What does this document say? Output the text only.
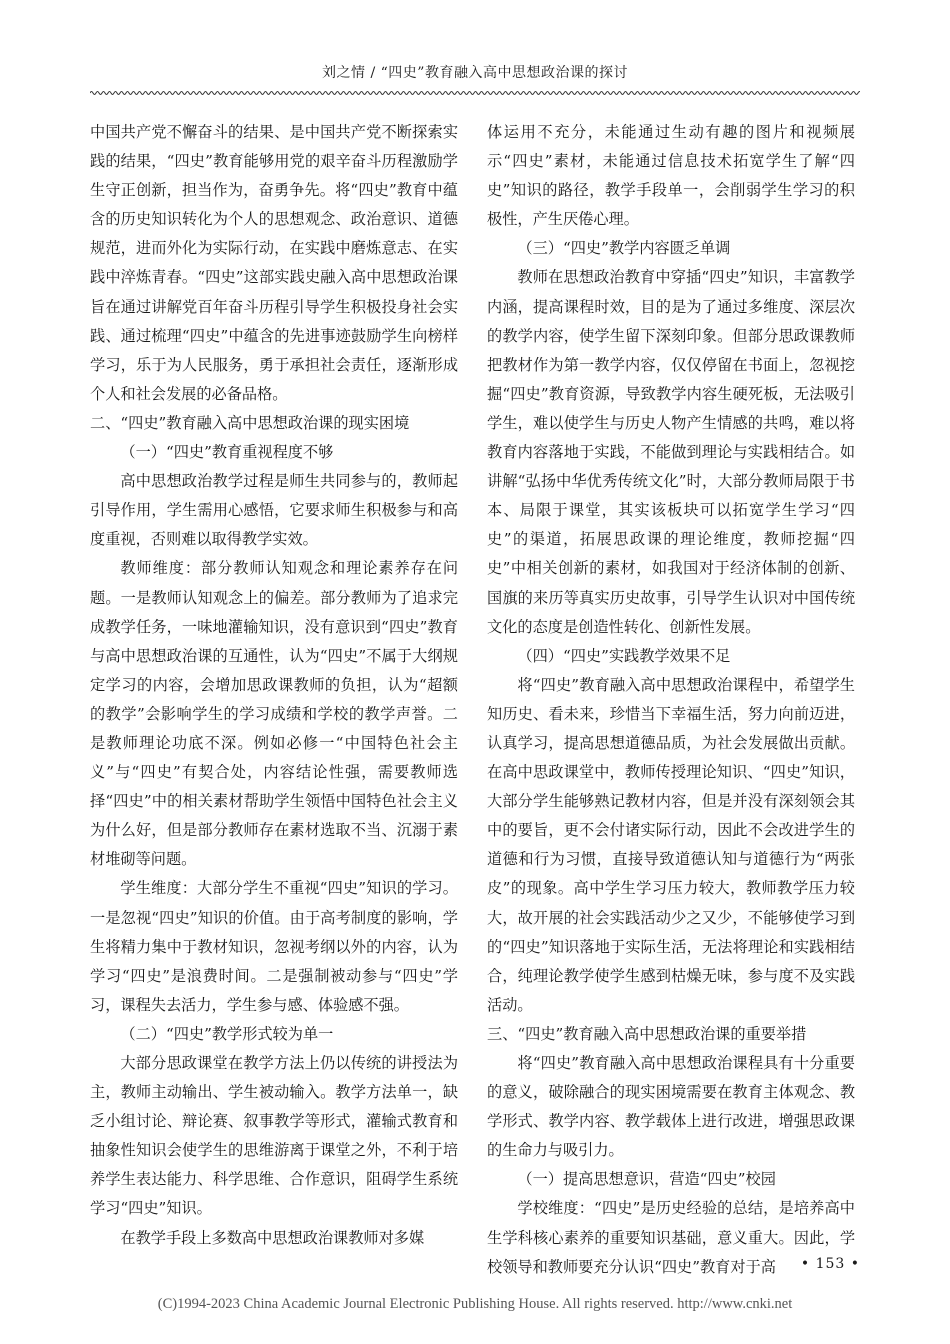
刘之情 / “四史”教育融入高中思想政治课的探讨

中国共产党不懈奋斗的结果、是中国共产党不断探索实践的结果，“四史”教育能够用党的艰辛奋斗历程激励学生守正创新，担当作为，奋勇争先。将“四史”教育中蕴含的历史知识转化为个人的思想观念、政治意识、道德规范，进而外化为实际行动，在实践中磨炼意志、在实践中淬炼青春。“四史”这部实践史融入高中思想政治课旨在通过讲解党百年奋斗历程引导学生积极投身社会实践、通过梳理“四史”中蕴含的先进事迹鼓励学生向榜样学习，乐于为人民服务，勇于承担社会责任，逐渐形成个人和社会发展的必备品格。

二、“四史”教育融入高中思想政治课的现实困境

（一）“四史”教育重视程度不够

高中思想政治教学过程是师生共同参与的，教师起引导作用，学生需用心感悟，它要求师生积极参与和高度重视，否则难以取得教学实效。

教师维度：部分教师认知观念和理论素养存在问题。一是教师认知观念上的偏差。部分教师为了追求完成教学任务，一味地灌输知识，没有意识到“四史”教育与高中思想政治课的互通性，认为“四史”不属于大纲规定学习的内容，会增加思政课教师的负担，认为“超额的教学”会影响学生的学习成绩和学校的教学声誉。二是教师理论功底不深。例如必修一“中国特色社会主义”与“四史”有契合处，内容结论性强，需要教师选择“四史”中的相关素材帮助学生领悟中国特色社会主义为什么好，但是部分教师存在素材选取不当、沉溺于素材堆砌等问题。

学生维度：大部分学生不重视“四史”知识的学习。一是忽视“四史”知识的价值。由于高考制度的影响，学生将精力集中于教材知识，忽视考纲以外的内容，认为学习“四史”是浪费时间。二是强制被动参与“四史”学习，课程失去活力，学生参与感、体验感不强。

（二）“四史”教学形式较为单一

大部分思政课堂在教学方法上仍以传统的讲授法为主，教师主动输出、学生被动输入。教学方法单一，缺乏小组讨论、辩论赛、叙事教学等形式，灌输式教育和抽象性知识会使学生的思维游离于课堂之外，不利于培养学生表达能力、科学思维、合作意识，阻碍学生系统学习“四史”知识。

在教学手段上多数高中思想政治课教师对多媒

体运用不充分，未能通过生动有趣的图片和视频展示“四史”素材，未能通过信息技术拓宽学生了解“四史”知识的路径，教学手段单一，会削弱学生学习的积极性，产生厌倦心理。

（三）“四史”教学内容匮乏单调

教师在思想政治教育中穿插“四史”知识，丰富教学内涵，提高课程时效，目的是为了通过多维度、深层次的教学内容，使学生留下深刻印象。但部分思政课教师把教材作为第一教学内容，仅仅停留在书面上，忽视挖掘“四史”教育资源，导致教学内容生硬死板，无法吸引学生，难以使学生与历史人物产生情感的共鸣，难以将教育内容落地于实践，不能做到理论与实践相结合。如讲解“弘扬中华优秀传统文化”时，大部分教师局限于书本、局限于课堂，其实该板块可以拓宽学生学习“四史”的渠道，拓展思政课的理论维度，教师挖掘“四史”中相关创新的素材，如我国对于经济体制的创新、国旗的来历等真实历史故事，引导学生认识对中国传统文化的态度是创造性转化、创新性发展。

（四）“四史”实践教学效果不足

将“四史”教育融入高中思想政治课程中，希望学生知历史、看未来，珍惜当下幸福生活，努力向前迈进，认真学习，提高思想道德品质，为社会发展做出贡献。在高中思政课堂中，教师传授理论知识、“四史”知识，大部分学生能够熟记教材内容，但是并没有深刻领会其中的要旨，更不会付诸实际行动，因此不会改进学生的道德和行为习惯，直接导致道德认知与道德行为“两张皮”的现象。高中学生学习压力较大，教师教学压力较大，故开展的社会实践活动少之又少，不能够使学习到的“四史”知识落地于实际生活，无法将理论和实践相结合，纯理论教学使学生感到枯燥无味，参与度不及实践活动。

三、“四史”教育融入高中思想政治课的重要举措

将“四史”教育融入高中思想政治课程具有十分重要的意义，破除融合的现实困境需要在教育主体观念、教学形式、教学内容、教学载体上进行改进，增强思政课的生命力与吸引力。

（一）提高思想意识，营造“四史”校园

学校维度：“四史”是历史经验的总结，是培养高中生学科核心素养的重要知识基础，意义重大。因此，学校领导和教师要充分认识“四史”教育对于高	• 153 •
(C)1994-2023 China Academic Journal Electronic Publishing House. All rights reserved. http://www.cnki.net
